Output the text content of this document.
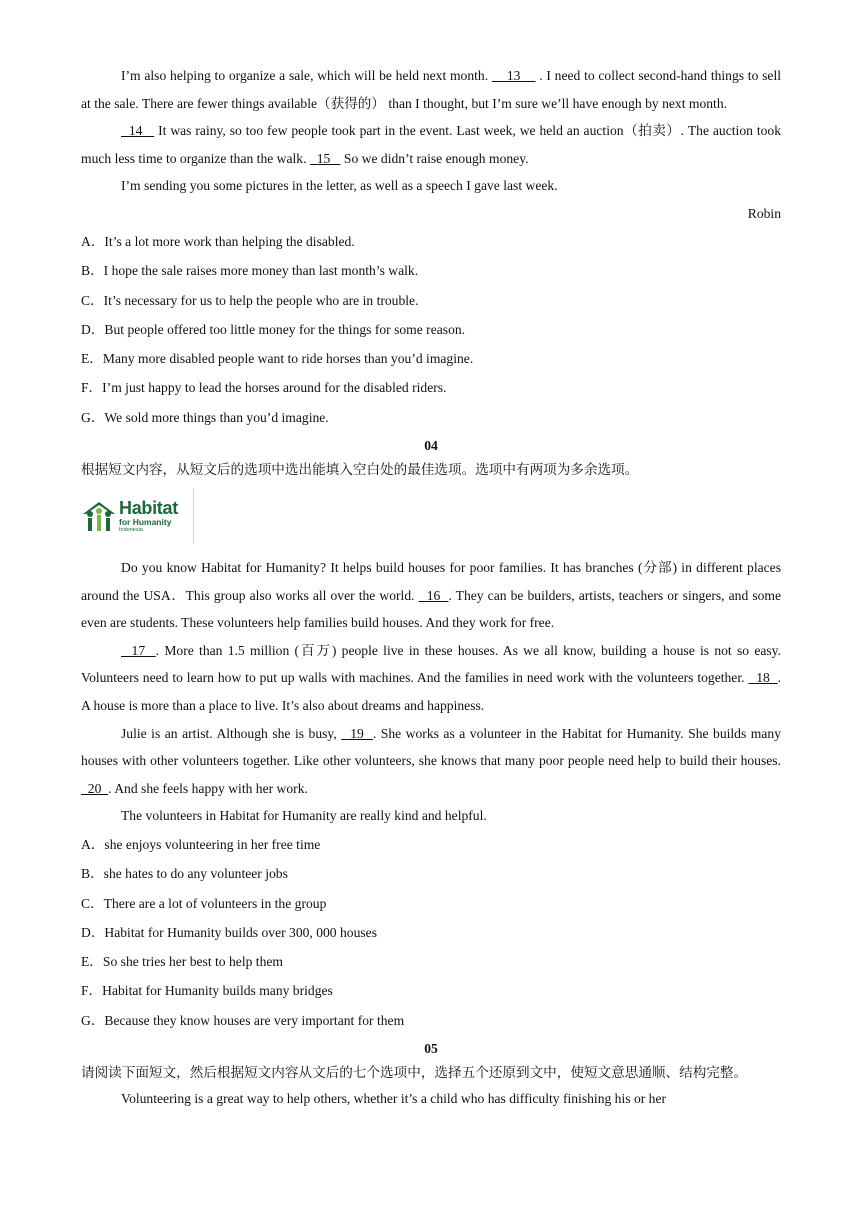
I’m also helping to organize a sale, which will be held next month.     13     . I need to collect second-hand things to sell at the sale. There are fewer things available（获得的） than I thought, but I’m sure we’ll have enough by next month.

14    It was rainy, so too few people took part in the event. Last week, we held an auction（拍卖）. The auction took much less time to organize than the walk.   15    So we didn’t raise enough money.

I’m sending you some pictures in the letter, as well as a speech I gave last week.

Robin

A．It’s a lot more work than helping the disabled.

B．I hope the sale raises more money than last month’s walk.

C．It’s necessary for us to help the people who are in trouble.

D．But people offered too little money for the things for some reason.

E．Many more disabled people want to ride horses than you’d imagine.

F．I’m just happy to lead the horses around for the disabled riders.

G．We sold more things than you’d imagine.

04

根据短文内容，从短文后的选项中选出能填入空白处的最佳选项。选项中有两项为多余选项。

Habitat
for Humanity
Indonesia

Do you know Habitat for Humanity? It helps build houses for poor families. It has branches (分部) in different places around the USA．This group also works all over the world.   16  . They can be builders, artists, teachers or singers, and some even are students. These volunteers help families build houses. And they work for free.

17  . More than 1.5 million (百万) people live in these houses. As we all know, building a house is not so easy. Volunteers need to learn how to put up walls with machines. And the families in need work with the volunteers together.   18  . A house is more than a place to live. It’s also about dreams and happiness.

Julie is an artist. Although she is busy,   19  . She works as a volunteer in the Habitat for Humanity. She builds many houses with other volunteers together. Like other volunteers, she knows that many poor people need help to build their houses.   20  . And she feels happy with her work.

The volunteers in Habitat for Humanity are really kind and helpful.

A．she enjoys volunteering in her free time

B．she hates to do any volunteer jobs

C．There are a lot of volunteers in the group

D．Habitat for Humanity builds over 300, 000 houses

E．So she tries her best to help them

F．Habitat for Humanity builds many bridges

G．Because they know houses are very important for them

05

请阅读下面短文，然后根据短文内容从文后的七个选项中，选择五个还原到文中，使短文意思通顺、结构完整。

Volunteering is a great way to help others, whether it’s a child who has difficulty finishing his or her
